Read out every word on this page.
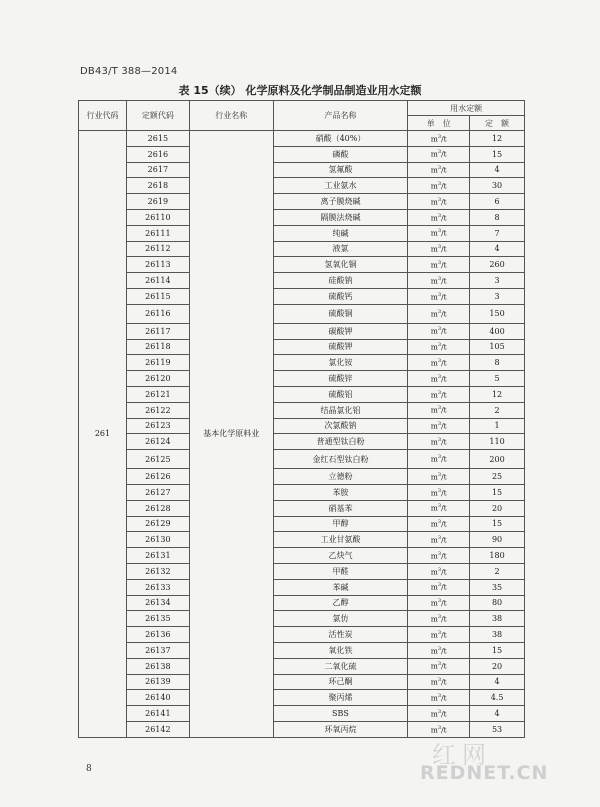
DB43/T 388—2014
表 15（续） 化学原料及化学制品制造业用水定额
行业代码	定额代码	行业名称	产品名称	用水定额	
				单　位	定　额
261	2615	基本化学原料业	硝酸（40%）	$m^3/t$	12
	2616		磷酸	$m^3/t$	15
	2617		氢氟酸	$m^3/t$	4
	2618		工业氨水	$m^3/t$	30
	2619		离子膜烧碱	$m^3/t$	6
	26110		隔膜法烧碱	$m^3/t$	8
	26111		纯碱	$m^3/t$	7
	26112		液氯	$m^3/t$	4
	26113		氢氧化铜	$m^3/t$	260
	26114		硅酸钠	$m^3/t$	3
	26115		硫酸钙	$m^3/t$	3
	26116		硫酸铜	$m^3/t$	150
	26117		碳酸钾	$m^3/t$	400
	26118		硫酸钾	$m^3/t$	105
	26119		氯化铵	$m^3/t$	8
	26120		硫酸锌	$m^3/t$	5
	26121		硫酸铝	$m^3/t$	12
	26122		结晶氯化铝	$m^3/t$	2
	26123		次氯酸钠	$m^3/t$	1
	26124		普通型钛白粉	$m^3/t$	110
	26125		金红石型钛白粉	$m^3/t$	200
	26126		立德粉	$m^3/t$	25
	26127		苯胺	$m^3/t$	15
	26128		硝基苯	$m^3/t$	20
	26129		甲醇	$m^3/t$	15
	26130		工业甘氨酸	$m^3/t$	90
	26131		乙炔气	$m^3/t$	180
	26132		甲醛	$m^3/t$	2
	26133		苯碱	$m^3/t$	35
	26134		乙醇	$m^3/t$	80
	26135		氯仿	$m^3/t$	38
	26136		活性炭	$m^3/t$	38
	26137		氧化铁	$m^3/t$	15
	26138		二氧化硫	$m^3/t$	20
	26139		环己酮	$m^3/t$	4
	26140		聚丙烯	$m^3/t$	4.5
	26141		SBS	$m^3/t$	4
	26142		环氧丙烷	$m^3/t$	53
8	红网
REDNET.CN
